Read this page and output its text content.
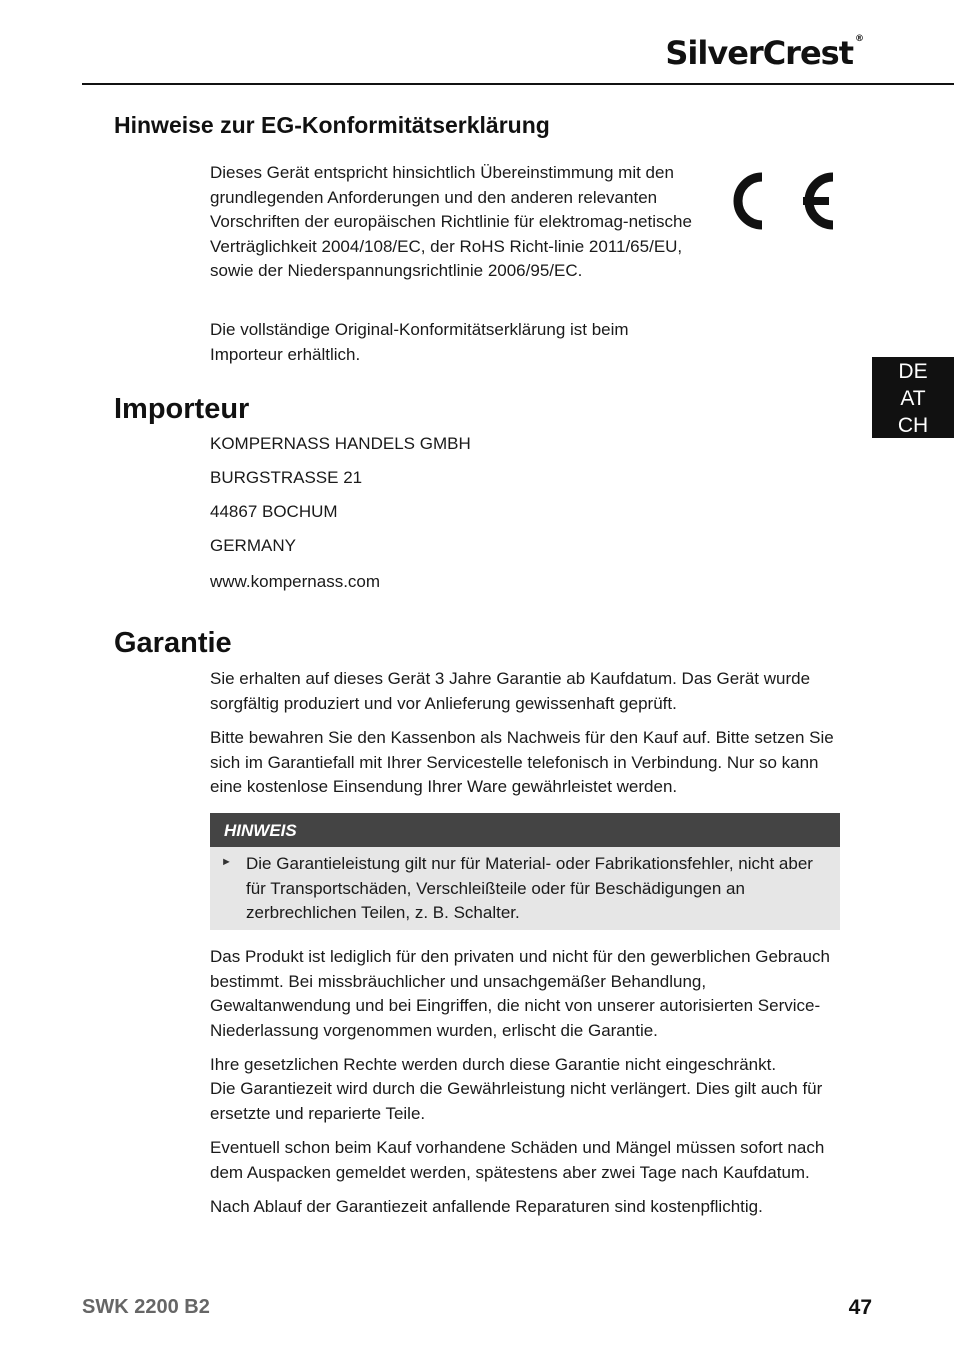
SilverCrest ®
DE
AT
CH
Hinweise zur EG-Konformitätserklärung

Dieses Gerät entspricht hinsichtlich Übereinstimmung mit den grundlegenden Anforderungen und den anderen relevanten Vorschriften der europäischen Richtlinie für elektromag-netische Verträglichkeit 2004/108/EC, der RoHS Richt-linie 2011/65/EU, sowie der Niederspannungsrichtlinie 2006/95/EC.

Die vollständige Original-Konformitätserklärung ist beim Importeur erhältlich.

Importeur

KOMPERNASS HANDELS GMBH

BURGSTRASSE 21

44867 BOCHUM

GERMANY

www.kompernass.com

Garantie

Sie erhalten auf dieses Gerät 3 Jahre Garantie ab Kaufdatum. Das Gerät wurde sorgfältig produziert und vor Anlieferung gewissenhaft geprüft.

Bitte bewahren Sie den Kassenbon als Nachweis für den Kauf auf. Bitte setzen Sie sich im Garantiefall mit Ihrer Servicestelle telefonisch in Verbindung. Nur so kann eine kostenlose Einsendung Ihrer Ware gewährleistet werden.

HINWEIS
► Die Garantieleistung gilt nur für Material- oder Fabrikationsfehler, nicht aber für Transportschäden, Verschleißteile oder für Beschädigungen an zerbrechlichen Teilen, z. B. Schalter.

Das Produkt ist lediglich für den privaten und nicht für den gewerblichen Gebrauch bestimmt. Bei missbräuchlicher und unsachgemäßer Behandlung, Gewaltanwendung und bei Eingriffen, die nicht von unserer autorisierten Service-Niederlassung vorgenommen wurden, erlischt die Garantie.

Ihre gesetzlichen Rechte werden durch diese Garantie nicht eingeschränkt.

Die Garantiezeit wird durch die Gewährleistung nicht verlängert. Dies gilt auch für ersetzte und reparierte Teile.

Eventuell schon beim Kauf vorhandene Schäden und Mängel müssen sofort nach dem Auspacken gemeldet werden, spätestens aber zwei Tage nach Kaufdatum.

Nach Ablauf der Garantiezeit anfallende Reparaturen sind kostenpflichtig.

SWK 2200 B2	47
